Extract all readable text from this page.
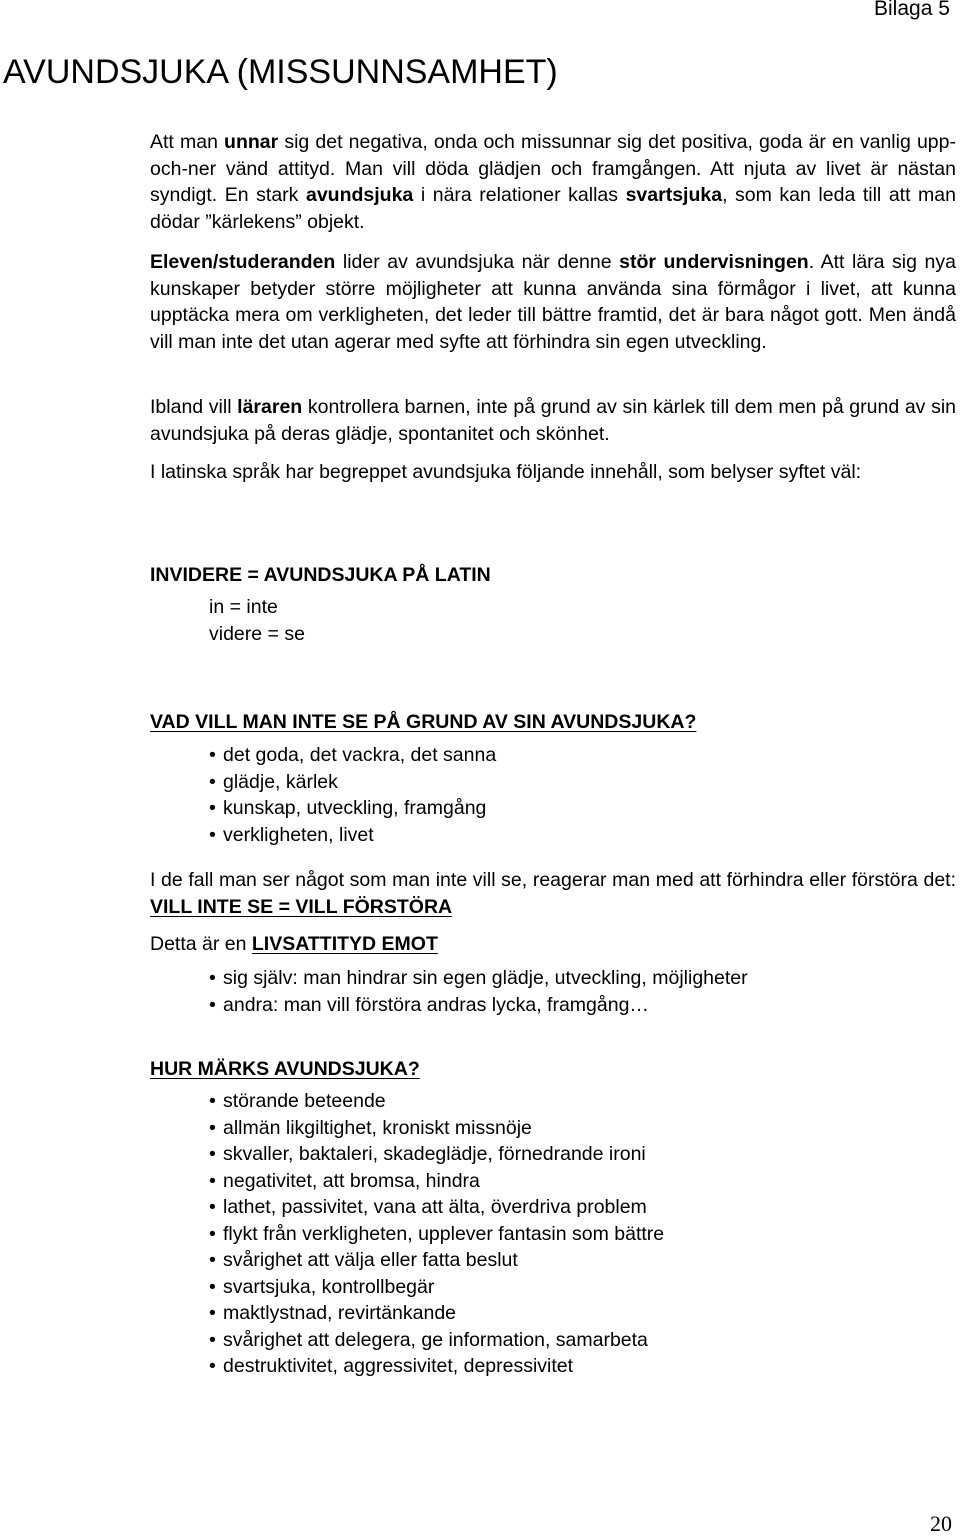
Bilaga 5
AVUNDSJUKA (MISSUNNSAMHET)

Att man unnar sig det negativa, onda och missunnar sig det positiva, goda är en vanlig upp-och-ner vänd attityd. Man vill döda glädjen och framgången. Att njuta av livet är nästan syndigt. En stark avundsjuka i nära relationer kallas svartsjuka, som kan leda till att man dödar ”kärlekens” objekt.

Eleven/studeranden lider av avundsjuka när denne stör undervisningen. Att lära sig nya kunskaper betyder större möjligheter att kunna använda sina förmågor i livet, att kunna upptäcka mera om verkligheten, det leder till bättre framtid, det är bara något gott. Men ändå vill man inte det utan agerar med syfte att förhindra sin egen utveckling.

Ibland vill läraren kontrollera barnen, inte på grund av sin kärlek till dem men på grund av sin avundsjuka på deras glädje, spontanitet och skönhet.

I latinska språk har begreppet avundsjuka följande innehåll, som belyser syftet väl:

INVIDERE = AVUNDSJUKA PÅ LATIN
in = inte
videre = se
VAD VILL MAN INTE SE PÅ GRUND AV SIN AVUNDSJUKA?
• det goda, det vackra, det sanna
• glädje, kärlek
• kunskap, utveckling, framgång
• verkligheten, livet

I de fall man ser något som man inte vill se, reagerar man med att förhindra eller förstöra det: VILL INTE SE = VILL FÖRSTÖRA

Detta är en LIVSATTITYD EMOT

• sig själv: man hindrar sin egen glädje, utveckling, möjligheter
• andra: man vill förstöra andras lycka, framgång…
HUR MÄRKS AVUNDSJUKA?
• störande beteende
• allmän likgiltighet, kroniskt missnöje
• skvaller, baktaleri, skadeglädje, förnedrande ironi
• negativitet, att bromsa, hindra
• lathet, passivitet, vana att älta, överdriva problem
• flykt från verkligheten, upplever fantasin som bättre
• svårighet att välja eller fatta beslut
• svartsjuka, kontrollbegär
• maktlystnad, revirtänkande
• svårighet att delegera, ge information, samarbeta
• destruktivitet, aggressivitet, depressivitet
20
